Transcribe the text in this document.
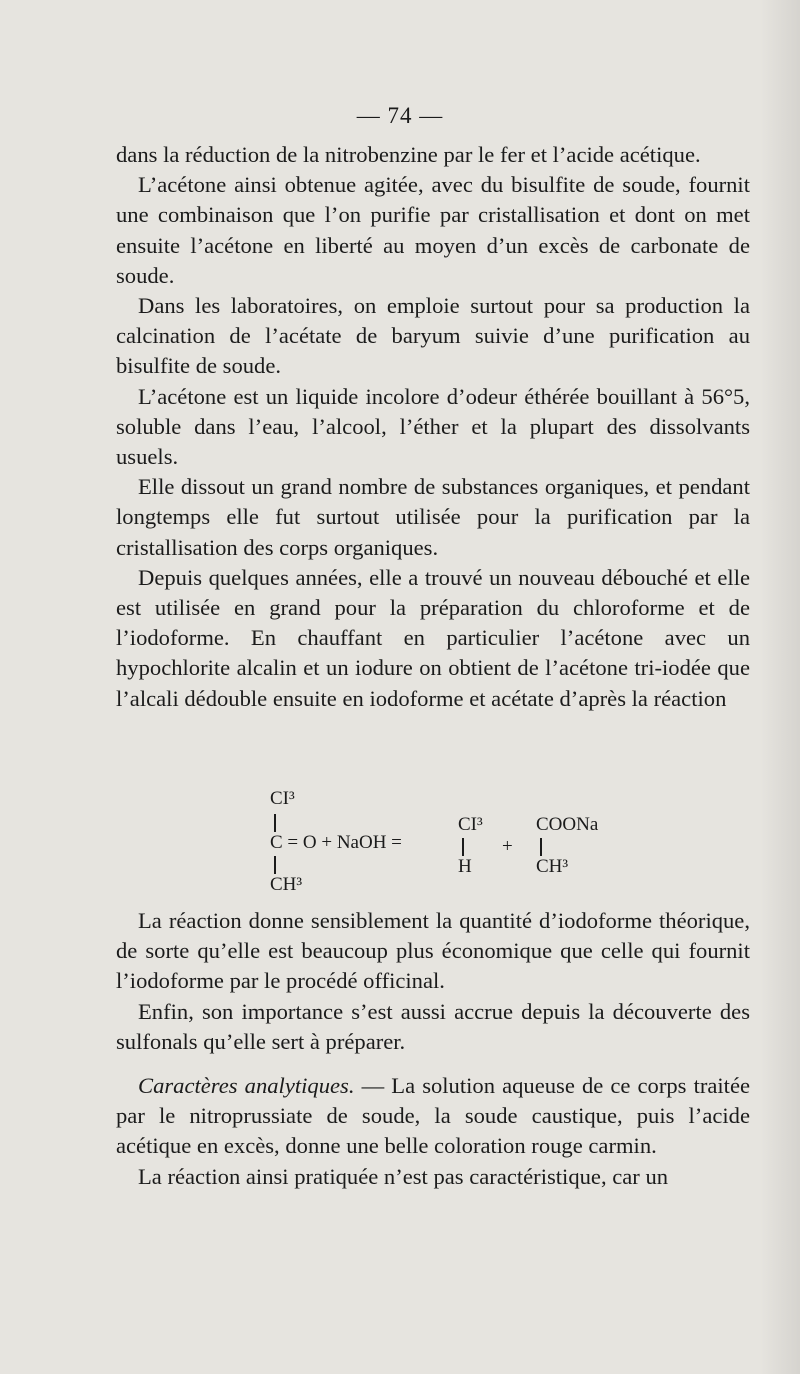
— 74 —

dans la réduction de la nitrobenzine par le fer et l’acide acétique.

L’acétone ainsi obtenue agitée, avec du bisulfite de soude, fournit une combinaison que l’on purifie par cristallisation et dont on met ensuite l’acétone en liberté au moyen d’un excès de carbonate de soude.

Dans les laboratoires, on emploie surtout pour sa production la calcination de l’acétate de baryum suivie d’une purification au bisulfite de soude.

L’acétone est un liquide incolore d’odeur éthérée bouillant à 56°5, soluble dans l’eau, l’alcool, l’éther et la plupart des dissolvants usuels.

Elle dissout un grand nombre de substances organiques, et pendant longtemps elle fut surtout utilisée pour la purification par la cristallisation des corps organiques.

Depuis quelques années, elle a trouvé un nouveau débouché et elle est utilisée en grand pour la préparation du chloroforme et de l’iodoforme. En chauffant en particulier l’acétone avec un hypochlorite alcalin et un iodure on obtient de l’acétone tri-iodée que l’alcali dédouble ensuite en iodoforme et acétate d’après la réaction

CI³
C = O + NaOH =
CH³
CI³
H
+
COONa
CH³

La réaction donne sensiblement la quantité d’iodoforme théorique, de sorte qu’elle est beaucoup plus économique que celle qui fournit l’iodoforme par le procédé officinal.

Enfin, son importance s’est aussi accrue depuis la découverte des sulfonals qu’elle sert à préparer.

Caractères analytiques. — La solution aqueuse de ce corps traitée par le nitroprussiate de soude, la soude caustique, puis l’acide acétique en excès, donne une belle coloration rouge carmin.

La réaction ainsi pratiquée n’est pas caractéristique, car un
